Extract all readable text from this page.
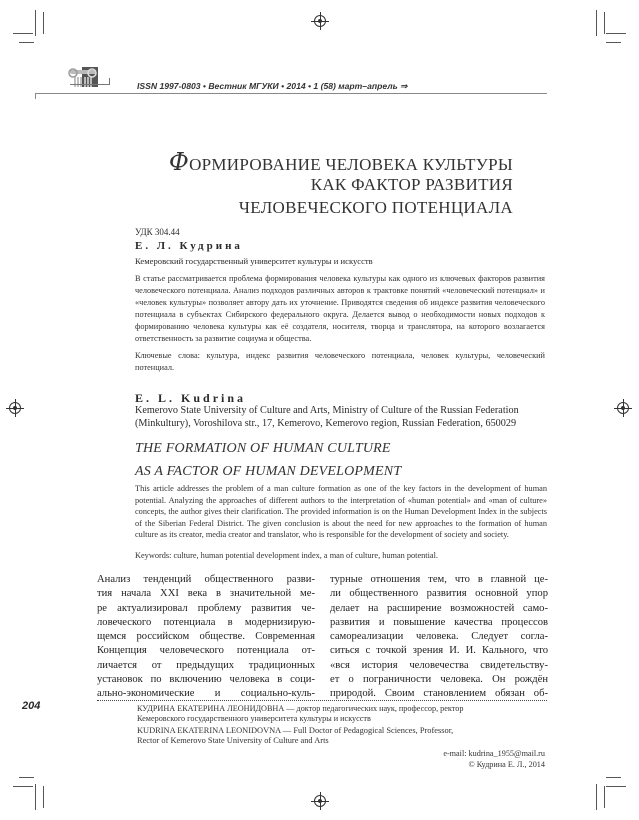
ISSN 1997-0803 • Вестник МГУКИ • 2014 • 1 (58) март–апрель ⇒
ФОРМИРОВАНИЕ ЧЕЛОВЕКА КУЛЬТУРЫ
КАК ФАКТОР РАЗВИТИЯ
ЧЕЛОВЕЧЕСКОГО ПОТЕНЦИАЛА
УДК 304.44
Е. Л. Кудрина
Кемеровский государственный университет культуры и искусств

В статье рассматривается проблема формирования человека культуры как одного из ключевых факторов развития человеческого потенциала. Анализ подходов различных авторов к трактовке понятий «человеческий потенциал» и «человек культуры» позволяет автору дать их уточнение. Приводятся сведения об индексе развития человеческого потенциала в субъектах Сибирского федерального округа. Делается вывод о необходимости новых подходов к формированию человека культуры как её создателя, носителя, творца и транслятора, на которого возлагается ответственность за развитие социума и общества.

Ключевые слова: культура, индекс развития человеческого потенциала, человек культуры, человеческий потенциал.

E. L. Kudrina
Kemerovo State University of Culture and Arts, Ministry of Culture of the Russian Federation
(Minkultury), Voroshilova str., 17, Kemerovo, Kemerovo region, Russian Federation, 650029
THE FORMATION OF HUMAN CULTURE
AS A FACTOR OF HUMAN DEVELOPMENT

This article addresses the problem of a man culture formation as one of the key factors in the development of human potential. Analyzing the approaches of different authors to the interpretation of «human potential» and «man of culture» concepts, the author gives their clarification. The provided information is on the Human Development Index in the subjects of the Siberian Federal District. The given conclusion is about the need for new approaches to the formation of human culture as its creator, media creator and translator, who is responsible for the development of society and society.

Keywords: culture, human potential development index, a man of culture, human potential.

Анализ тенденций общественного разви-
тия начала XXI века в значительной ме-
ре актуализировал проблему развития че-
ловеческого потенциала в модернизирую-
щемся российском обществе. Современная
Концепция человеческого потенциала от-
личается от предыдущих традиционных
установок по включению человека в соци-
ально-экономические и социально-куль-
турные отношения тем, что в главной це-
ли общественного развития основной упор
делает на расширение возможностей само-
развития и повышение качества процессов
самореализации человека. Следует согла-
ситься с точкой зрения И. И. Кального, что
«вся история человечества свидетельству-
ет о пограничности человека. Он рождён
природой. Своим становлением обязан об-
204	КУДРИНА ЕКАТЕРИНА ЛЕОНИДОВНА — доктор педагогических наук, профессор, ректор Кемеровского государственного университета культуры и искусств
KUDRINA EKATERINA LEONIDOVNA — Full Doctor of Pedagogical Sciences, Professor, Rector of Kemerovo State University of Culture and Arts
e-mail: kudrina_1955@mail.ru
© Кудрина Е. Л., 2014
